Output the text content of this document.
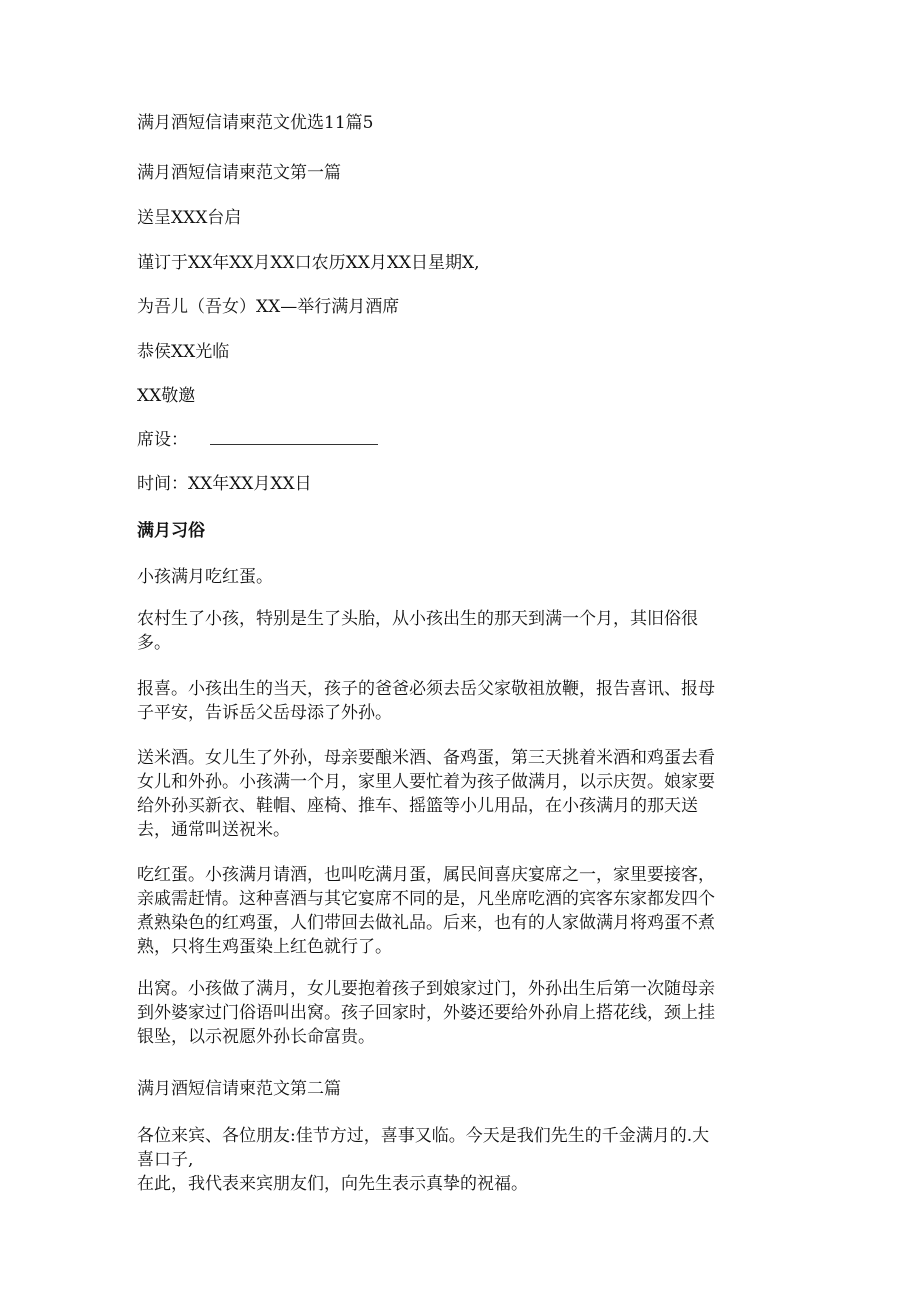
满月酒短信请柬范文优选11篇5
满月酒短信请柬范文第一篇
送呈XXX台启
谨订于XX年XX月XX口农历XX月XX日星期X,
为吾儿（吾女）XX—举行满月酒席
恭侯XX光临
XX敬邀
席设：
时间：XX年XX月XX日
满月习俗
小孩满月吃红蛋。
农村生了小孩，特别是生了头胎，从小孩出生的那天到满一个月，其旧俗很
多。
报喜。小孩出生的当天，孩子的爸爸必须去岳父家敬祖放鞭，报告喜讯、报母
子平安，告诉岳父岳母添了外孙。
送米酒。女儿生了外孙，母亲要酿米酒、备鸡蛋，第三天挑着米酒和鸡蛋去看
女儿和外孙。小孩满一个月，家里人要忙着为孩子做满月，以示庆贺。娘家要
给外孙买新衣、鞋帽、座椅、推车、摇篮等小儿用品，在小孩满月的那天送
去，通常叫送祝米。
吃红蛋。小孩满月请酒，也叫吃满月蛋，属民间喜庆宴席之一，家里要接客，
亲戚需赶情。这种喜酒与其它宴席不同的是，凡坐席吃酒的宾客东家都发四个
煮熟染色的红鸡蛋，人们带回去做礼品。后来，也有的人家做满月将鸡蛋不煮
熟，只将生鸡蛋染上红色就行了。
出窝。小孩做了满月，女儿要抱着孩子到娘家过门，外孙出生后第一次随母亲
到外婆家过门俗语叫出窝。孩子回家时，外婆还要给外孙肩上搭花线，颈上挂
银坠，以示祝愿外孙长命富贵。
满月酒短信请柬范文第二篇
各位来宾、各位朋友:佳节方过，喜事又临。今天是我们先生的千金满月的.大
喜口子,
在此，我代表来宾朋友们，向先生表示真挚的祝福。
